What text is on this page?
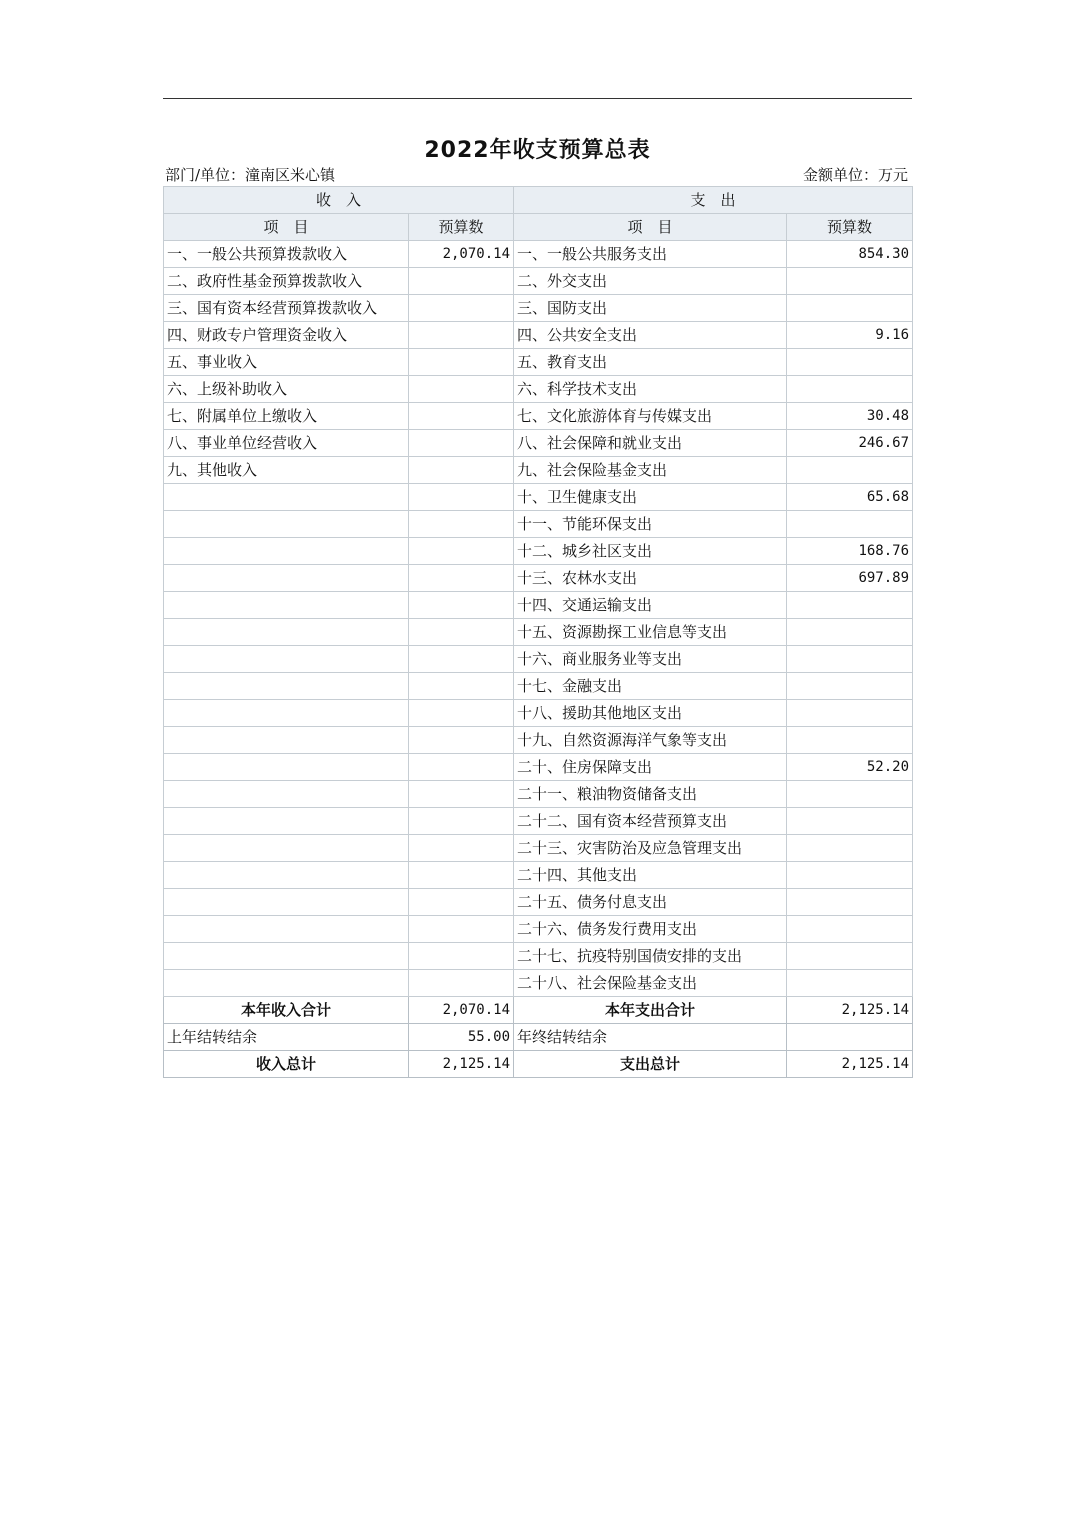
2022年收支预算总表
部门/单位：潼南区米心镇	金额单位：万元
收　入		支　出	
项　目	预算数	项　目	预算数
一、一般公共预算拨款收入	2,070.14	一、一般公共服务支出	854.30
二、政府性基金预算拨款收入		二、外交支出	
三、国有资本经营预算拨款收入		三、国防支出	
四、财政专户管理资金收入		四、公共安全支出	9.16
五、事业收入		五、教育支出	
六、上级补助收入		六、科学技术支出	
七、附属单位上缴收入		七、文化旅游体育与传媒支出	30.48
八、事业单位经营收入		八、社会保障和就业支出	246.67
九、其他收入		九、社会保险基金支出	
		十、卫生健康支出	65.68
		十一、节能环保支出	
		十二、城乡社区支出	168.76
		十三、农林水支出	697.89
		十四、交通运输支出	
		十五、资源勘探工业信息等支出	
		十六、商业服务业等支出	
		十七、金融支出	
		十八、援助其他地区支出	
		十九、自然资源海洋气象等支出	
		二十、住房保障支出	52.20
		二十一、粮油物资储备支出	
		二十二、国有资本经营预算支出	
		二十三、灾害防治及应急管理支出	
		二十四、其他支出	
		二十五、债务付息支出	
		二十六、债务发行费用支出	
		二十七、抗疫特别国债安排的支出	
		二十八、社会保险基金支出	
本年收入合计	2,070.14	本年支出合计	2,125.14
上年结转结余	55.00	年终结转结余	
收入总计	2,125.14	支出总计	2,125.14
